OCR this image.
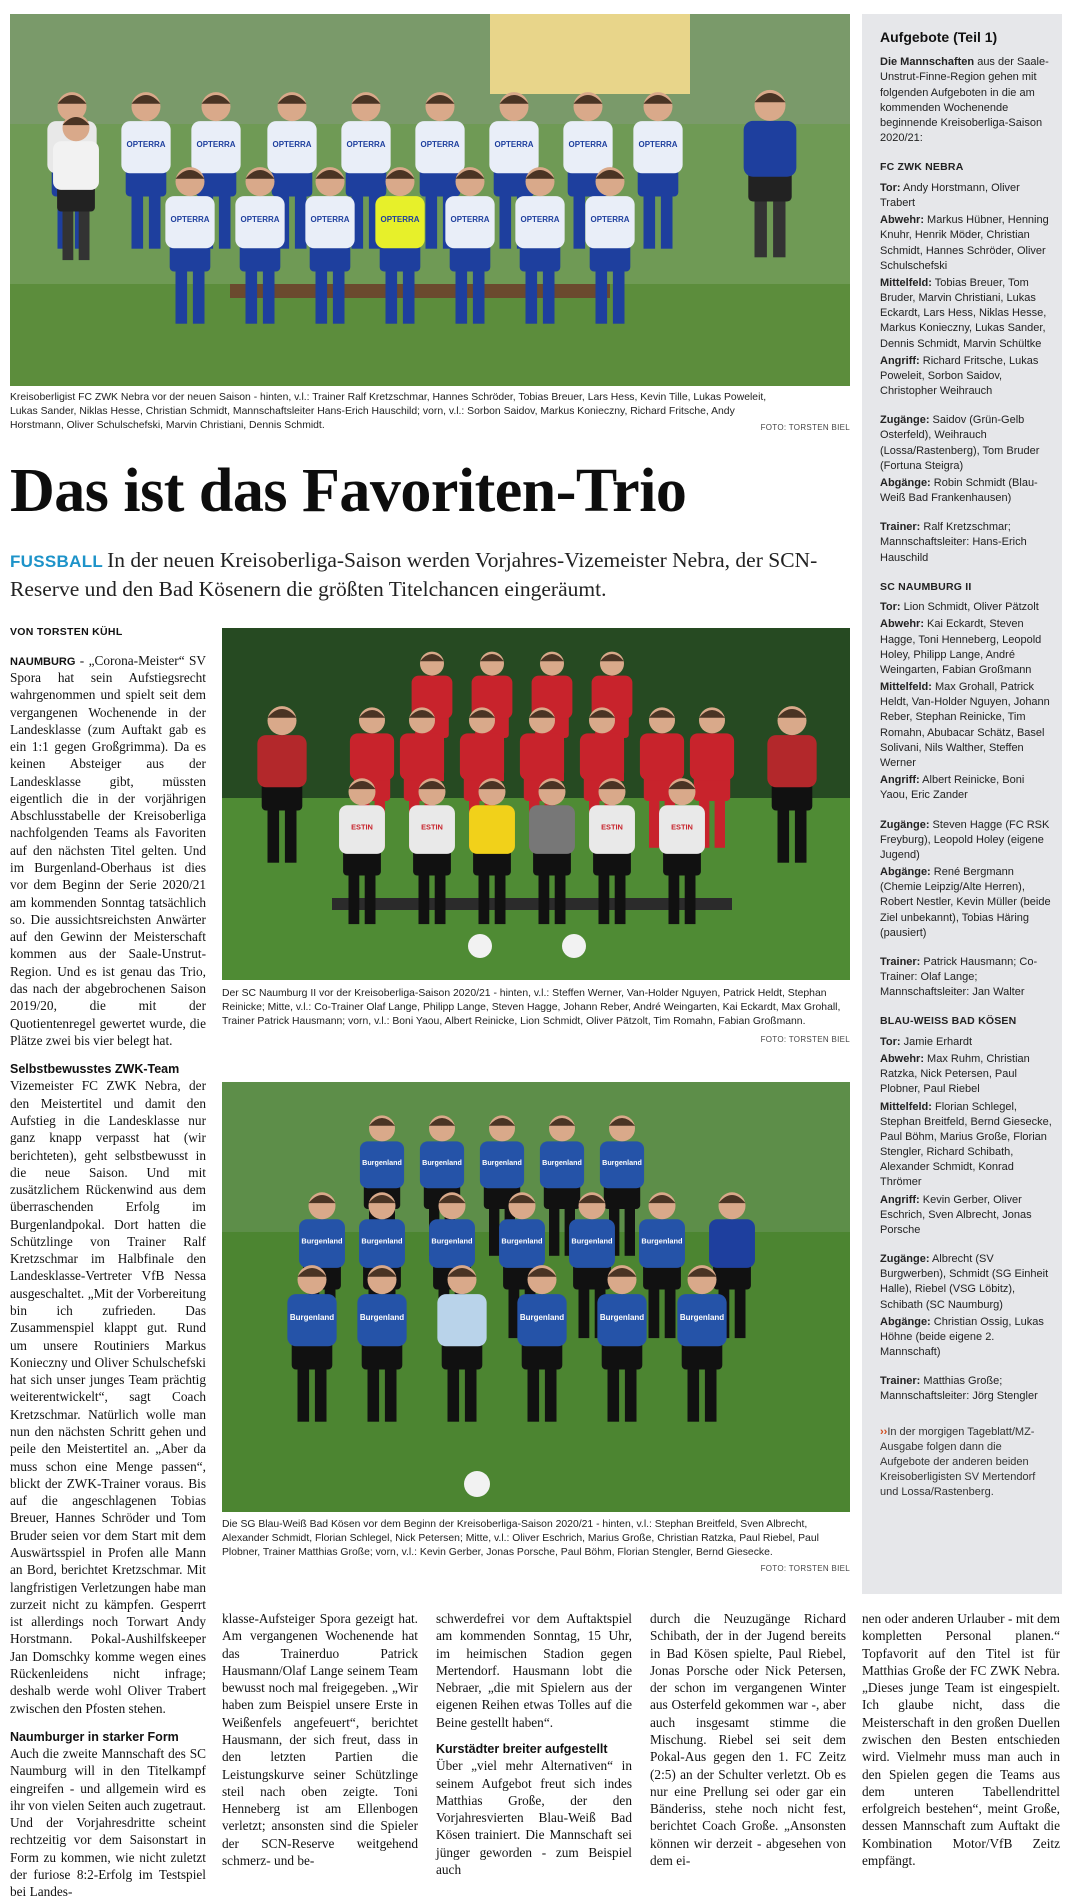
OPTERRA	OPTERRA	OPTERRA	OPTERRA	OPTERRA	OPTERRA	OPTERRA	OPTERRA
OPTERRA	OPTERRA	OPTERRA	OPTERRA	OPTERRA	OPTERRA	OPTERRA
Kreisoberligist FC ZWK Nebra vor der neuen Saison - hinten, v.l.: Trainer Ralf Kretzschmar, Hannes Schröder, Tobias Breuer, Lars Hess, Kevin Tille, Lukas Poweleit, Lukas Sander, Niklas Hesse, Christian Schmidt, Mannschaftsleiter Hans-Erich Hauschild; vorn, v.l.: Sorbon Saidov, Markus Konieczny, Richard Fritsche, Andy Horstmann, Oliver Schulschefski, Marvin Christiani, Dennis Schmidt.	FOTO: TORSTEN BIEL
Das ist das Favoriten-Trio
FUSSBALL In der neuen Kreisoberliga-Saison werden Vorjahres-Vizemeister Nebra, der SCN-Reserve und den Bad Kösenern die größten Titelchancen eingeräumt.

VON TORSTEN KÜHL

NAUMBURG - „Corona-Meister“ SV Spora hat sein Aufstiegsrecht wahrgenommen und spielt seit dem vergangenen Wochenende in der Landesklasse (zum Auftakt gab es ein 1:1 gegen Großgrimma). Da es keinen Absteiger aus der Landesklasse gibt, müssten eigentlich die in der vorjährigen Abschlusstabelle der Kreisoberliga nachfolgenden Teams als Favoriten auf den nächsten Titel gelten. Und im Burgenland-Oberhaus ist dies vor dem Beginn der Serie 2020/21 am kommenden Sonntag tatsächlich so. Die aussichtsreichsten Anwärter auf den Gewinn der Meisterschaft kommen aus der Saale-Unstrut-Region. Und es ist genau das Trio, das nach der abgebrochenen Saison 2019/20, die mit der Quotientenregel gewertet wurde, die Plätze zwei bis vier belegt hat.

Selbstbewusstes ZWK-Team

Vizemeister FC ZWK Nebra, der den Meistertitel und damit den Aufstieg in die Landesklasse nur ganz knapp verpasst hat (wir berichteten), geht selbstbewusst in die neue Saison. Und mit zusätzlichem Rückenwind aus dem überraschenden Erfolg im Burgenlandpokal. Dort hatten die Schützlinge von Trainer Ralf Kretzschmar im Halbfinale den Landesklasse-Vertreter VfB Nessa ausgeschaltet. „Mit der Vorbereitung bin ich zufrieden. Das Zusammenspiel klappt gut. Rund um unsere Routiniers Markus Konieczny und Oliver Schulschefski hat sich unser junges Team prächtig weiterentwickelt“, sagt Coach Kretzschmar. Natürlich wolle man nun den nächsten Schritt gehen und peile den Meistertitel an. „Aber da muss schon eine Menge passen“, blickt der ZWK-Trainer voraus. Bis auf die angeschlagenen Tobias Breuer, Hannes Schröder und Tom Bruder seien vor dem Start mit dem Auswärtsspiel in Profen alle Mann an Bord, berichtet Kretzschmar. Mit langfristigen Verletzungen habe man zurzeit nicht zu kämpfen. Gesperrt ist allerdings noch Torwart Andy Horstmann. Pokal-Aushilfskeeper Jan Domschky komme wegen eines Rückenleidens nicht infrage; deshalb werde wohl Oliver Trabert zwischen den Pfosten stehen.

Naumburger in starker Form

Auch die zweite Mannschaft des SC Naumburg will in den Titelkampf eingreifen - und allgemein wird es ihr von vielen Seiten auch zugetraut. Und der Vorjahresdritte scheint rechtzeitig vor dem Saisonstart in Form zu kommen, wie nicht zuletzt der furiose 8:2-Erfolg im Testspiel bei Landes-

ESTIN	ESTIN	ESTIN	ESTIN
Der SC Naumburg II vor der Kreisoberliga-Saison 2020/21 - hinten, v.l.: Steffen Werner, Van-Holder Nguyen, Patrick Heldt, Stephan Reinicke; Mitte, v.l.: Co-Trainer Olaf Lange, Philipp Lange, Steven Hagge, Johann Reber, André Weingarten, Kai Eckardt, Max Grohall, Trainer Patrick Hausmann; vorn, v.l.: Boni Yaou, Albert Reinicke, Lion Schmidt, Oliver Pätzolt, Tim Romahn, Fabian Großmann.
FOTO: TORSTEN BIEL
Burgenland	Burgenland	Burgenland	Burgenland	Burgenland
Burgenland	Burgenland	Burgenland	Burgenland	Burgenland	Burgenland
Burgenland	Burgenland	Burgenland	Burgenland	Burgenland
Die SG Blau-Weiß Bad Kösen vor dem Beginn der Kreisoberliga-Saison 2020/21 - hinten, v.l.: Stephan Breitfeld, Sven Albrecht, Alexander Schmidt, Florian Schlegel, Nick Petersen; Mitte, v.l.: Oliver Eschrich, Marius Große, Christian Ratzka, Paul Riebel, Paul Plobner, Trainer Matthias Große; vorn, v.l.: Kevin Gerber, Jonas Porsche, Paul Böhm, Florian Stengler, Bernd Giesecke.
FOTO: TORSTEN BIEL

klasse-Aufsteiger Spora gezeigt hat. Am vergangenen Wochenende hat das Trainerduo Patrick Hausmann/Olaf Lange seinem Team bewusst noch mal freigegeben. „Wir haben zum Beispiel unsere Erste in Weißenfels angefeuert“, berichtet Hausmann, der sich freut, dass in den letzten Partien die Leistungskurve seiner Schützlinge steil nach oben zeigte. Toni Henneberg ist am Ellenbogen verletzt; ansonsten sind die Spieler der SCN-Reserve weitgehend schmerz- und be-

schwerdefrei vor dem Auftaktspiel am kommenden Sonntag, 15 Uhr, im heimischen Stadion gegen Mertendorf. Hausmann lobt die Nebraer, „die mit Spielern aus der eigenen Reihen etwas Tolles auf die Beine gestellt haben“.

Kurstädter breiter aufgestellt

Über „viel mehr Alternativen“ in seinem Aufgebot freut sich indes Matthias Große, der den Vorjahresvierten Blau-Weiß Bad Kösen trainiert. Die Mannschaft sei jünger geworden - zum Beispiel auch

durch die Neuzugänge Richard Schibath, der in der Jugend bereits in Bad Kösen spielte, Paul Riebel, Jonas Porsche oder Nick Petersen, der schon im vergangenen Winter aus Osterfeld gekommen war -, aber auch insgesamt stimme die Mischung. Riebel sei seit dem Pokal-Aus gegen den 1. FC Zeitz (2:5) an der Schulter verletzt. Ob es nur eine Prellung sei oder gar ein Bänderiss, stehe noch nicht fest, berichtet Coach Große. „Ansonsten können wir derzeit - abgesehen von dem ei-

nen oder anderen Urlauber - mit dem kompletten Personal planen.“ Topfavorit auf den Titel ist für Matthias Große der FC ZWK Nebra. „Dieses junge Team ist eingespielt. Ich glaube nicht, dass die Meisterschaft in den großen Duellen zwischen den Besten entschieden wird. Vielmehr muss man auch in den Spielen gegen die Teams aus dem unteren Tabellendrittel erfolgreich bestehen“, meint Große, dessen Mannschaft zum Auftakt die Kombination Motor/VfB Zeitz empfängt.

Aufgebote (Teil 1)

Die Mannschaften aus der Saale-Unstrut-Finne-Region gehen mit folgenden Aufgeboten in die am kommenden Wochenende beginnende Kreisoberliga-Saison 2020/21:

FC ZWK NEBRA
Tor: Andy Horstmann, Oliver Trabert
Abwehr: Markus Hübner, Henning Knuhr, Henrik Möder, Christian Schmidt, Hannes Schröder, Oliver Schulschefski
Mittelfeld: Tobias Breuer, Tom Bruder, Marvin Christiani, Lukas Eckardt, Lars Hess, Niklas Hesse, Markus Konieczny, Lukas Sander, Dennis Schmidt, Marvin Schültke
Angriff: Richard Fritsche, Lukas Poweleit, Sorbon Saidov, Christopher Weihrauch
Zugänge: Saidov (Grün-Gelb Osterfeld), Weihrauch (Lossa/Rastenberg), Tom Bruder (Fortuna Steigra)
Abgänge: Robin Schmidt (Blau-Weiß Bad Frankenhausen)
Trainer: Ralf Kretzschmar; Mannschaftsleiter: Hans-Erich Hauschild
SC NAUMBURG II
Tor: Lion Schmidt, Oliver Pätzolt
Abwehr: Kai Eckardt, Steven Hagge, Toni Henneberg, Leopold Holey, Philipp Lange, André Weingarten, Fabian Großmann
Mittelfeld: Max Grohall, Patrick Heldt, Van-Holder Nguyen, Johann Reber, Stephan Reinicke, Tim Romahn, Abubacar Schätz, Basel Solivani, Nils Walther, Steffen Werner
Angriff: Albert Reinicke, Boni Yaou, Eric Zander
Zugänge: Steven Hagge (FC RSK Freyburg), Leopold Holey (eigene Jugend)
Abgänge: René Bergmann (Chemie Leipzig/Alte Herren), Robert Nestler, Kevin Müller (beide Ziel unbekannt), Tobias Häring (pausiert)
Trainer: Patrick Hausmann; Co-Trainer: Olaf Lange; Mannschaftsleiter: Jan Walter
BLAU-WEISS BAD KÖSEN
Tor: Jamie Erhardt
Abwehr: Max Ruhm, Christian Ratzka, Nick Petersen, Paul Plobner, Paul Riebel
Mittelfeld: Florian Schlegel, Stephan Breitfeld, Bernd Giesecke, Paul Böhm, Marius Große, Florian Stengler, Richard Schibath, Alexander Schmidt, Konrad Thrömer
Angriff: Kevin Gerber, Oliver Eschrich, Sven Albrecht, Jonas Porsche
Zugänge: Albrecht (SV Burgwerben), Schmidt (SG Einheit Halle), Riebel (VSG Löbitz), Schibath (SC Naumburg)
Abgänge: Christian Ossig, Lukas Höhne (beide eigene 2. Mannschaft)
Trainer: Matthias Große; Mannschaftsleiter: Jörg Stengler

››In der morgigen Tageblatt/MZ-Ausgabe folgen dann die Aufgebote der anderen beiden Kreisoberligisten SV Mertendorf und Lossa/Rastenberg.
